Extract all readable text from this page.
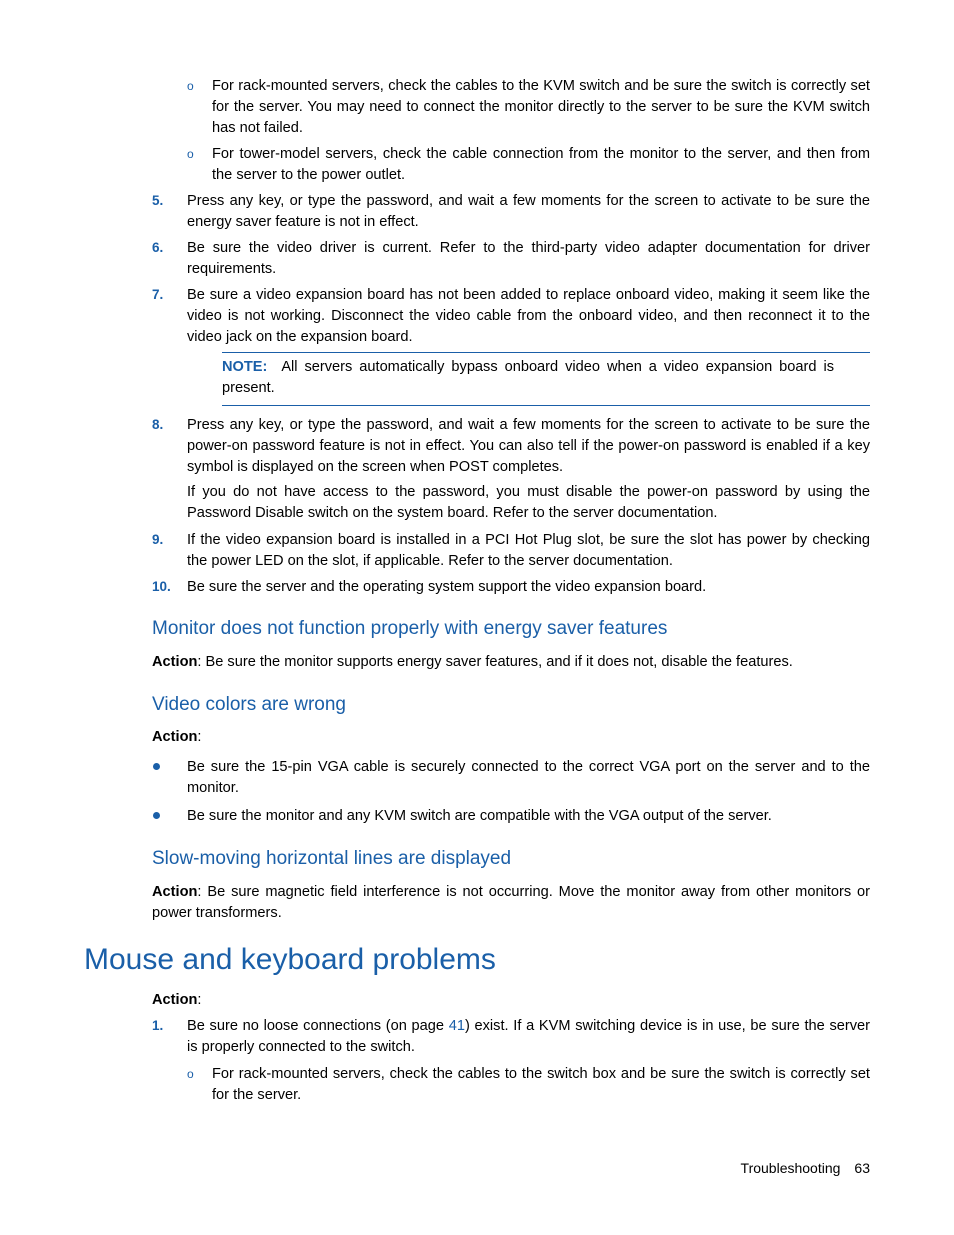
o For rack-mounted servers, check the cables to the KVM switch and be sure the switch is correctly set for the server. You may need to connect the monitor directly to the server to be sure the KVM switch has not failed.
o For tower-model servers, check the cable connection from the monitor to the server, and then from the server to the power outlet.
5. Press any key, or type the password, and wait a few moments for the screen to activate to be sure the energy saver feature is not in effect.
6. Be sure the video driver is current. Refer to the third-party video adapter documentation for driver requirements.
7. Be sure a video expansion board has not been added to replace onboard video, making it seem like the video is not working. Disconnect the video cable from the onboard video, and then reconnect it to the video jack on the expansion board.
NOTE: All servers automatically bypass onboard video when a video expansion board is present.
8. Press any key, or type the password, and wait a few moments for the screen to activate to be sure the power-on password feature is not in effect. You can also tell if the power-on password is enabled if a key symbol is displayed on the screen when POST completes.
If you do not have access to the password, you must disable the power-on password by using the Password Disable switch on the system board. Refer to the server documentation.
9. If the video expansion board is installed in a PCI Hot Plug slot, be sure the slot has power by checking the power LED on the slot, if applicable. Refer to the server documentation.
10. Be sure the server and the operating system support the video expansion board.
Monitor does not function properly with energy saver features
Action: Be sure the monitor supports energy saver features, and if it does not, disable the features.
Video colors are wrong
Action:
Be sure the 15-pin VGA cable is securely connected to the correct VGA port on the server and to the monitor.
Be sure the monitor and any KVM switch are compatible with the VGA output of the server.
Slow-moving horizontal lines are displayed
Action: Be sure magnetic field interference is not occurring. Move the monitor away from other monitors or power transformers.
Mouse and keyboard problems
Action:
1. Be sure no loose connections (on page 41) exist. If a KVM switching device is in use, be sure the server is properly connected to the switch.
o For rack-mounted servers, check the cables to the switch box and be sure the switch is correctly set for the server.
Troubleshooting 63
